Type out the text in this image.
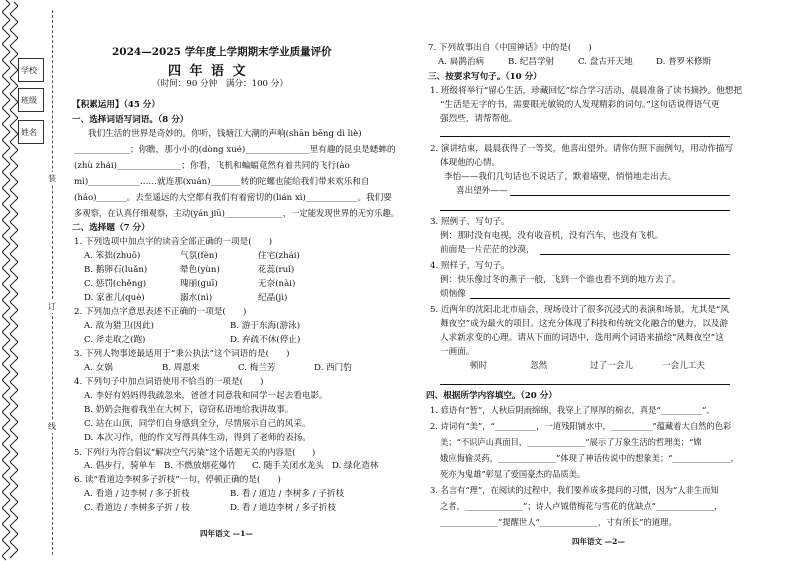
学校
班级
姓名
装
订
线
2024—2025 学年度上学期期末学业质量评价
四 年 语 文
（时间：90 分钟　满分：100 分）
【积累运用】（45 分）
一、选择词语写词语。（8 分）
我们生活的世界是奇妙的。你听，钱塘江大潮的声响(shān bēng dì liè)
_____________；你瞧，那小小的(dòng xué)_______________里有趣的昆虫是蟋蟀的
(zhù zhái)_______________；你看，飞机和蝙蝠竟然有着共同的飞行(ào
mì)____________……就连那(xuán)_______转的陀螺也能给我们带来欢乐和自
(háo)_______。去至遥远的大空都有我们有着密切的(lián xì)____________。我们要
多观察，在认真仔细观察，主动(yán jiū)______________，一定能发现世界的无穷乐趣。
二、选择题（7 分）
1. 下列选项中加点字的读音全部正确的一项是(　　)
A. 笨拙(zhuō)	气氛(fèn)	住宅(zhái)
B. 鹅卵石(luǎn)	晕色(yùn)	花蕊(ruǐ)
C. 惩罚(chěng)	瑰丽(guī)	无奈(nài)
D. 家雀儿(què)	溺水(nì)	纪晶(jì)
2. 下列加点字意思表述不正确的一项是(　　)
A. 敌为猎卫(因此)	B. 游于东海(游泳)
C. 斧走取之(跑)	D. 弃疏不休(停止)
3. 下列人物事迹最适用于“秉公执法”这个词语的是(　　)
A. 女娲	B. 周恩来	C. 梅兰芳	D. 西门豹
4. 下列句子中加点词语使用不恰当的一项是(　　)
A. 李好有妈妈得我疏忽来，爸爸才同意我和同学一起去看电影。
B. 奶奶会拖着我坐在大树下，窃窃私语地给我讲故事。
C. 站在山顶，同学们自身感到全分，尽情展示自己的风采。
D. 本次习作，他的作文写得具体生动，得到了老师的表扬。
5. 下列行为符合倡议“解决空气污染”这个话题无关的内容是(　　)
A. 倡步行，骑单车 B. 不燃放烟花爆竹 C. 随手关闭水龙头 D. 绿化造林
6. 读“看道边李树多子折枝”一句，停顿正确的是(　　)
A. 看道 / 边李树 / 多子折枝	B. 看 / 道边 / 李树多 / 子折枝
C. 看道边 / 李树多子折 / 枝	D. 看 / 道边李树 / 多子折枝
四年语文 —1—
7. 下列故事出自《中国神话》中的是(　　)
A. 扁鹊治病	B. 纪昌学射	C. 盘古开天地	D. 普罗米修斯
三、按要求写句子。（10 分）
1. 班级将举行“留心生活，珍藏回忆”综合学习活动，晨晨准备了读书摘抄。他想把
“生活是无字的书，需要眼光敏锐的人发现精彩的词句。”这句话说得语气更
强烈些，请帮帮他。
2. 演讲结束，晨晨获得了一等奖，他喜出望外。请你仿照下面例句，用动作描写
体现他的心情。
李怡——我们几句话也不说话了，默着墙壁，悄悄地走出去。
喜出望外——
3. 照例子，写句子。
例：那时没有电视，没有收音机，没有汽车，也没有飞机。
前面是一片茫茫的沙漠，
4. 照样子，写句子。
例：快乐像过冬的燕子一般，飞到一个谁也看不到的地方去了。
烦恼像
5. 近两年的沈阳北北市庙会，现场设计了很多沉浸式的表演和场景，尤其是“风
舞夜空”成为最火的项目。这充分体现了科技和传统文化融合的魅力，以及游
人求新求变的心理。请从下面的词语中，选用两个词语来描绘“风舞夜空”这
一画面。
顿时	忽然	过了一会儿	一会儿工夫
四、根据所学内容填空。（20 分）
1. 谚语有“暂”，人秋后阴雨绵绵，我穿上了厚厚的棉衣，真是“__________”。
2. 诗词有“美”，“__________，一道残阳铺水中，__________”蕴藏着大自然的色彩
美；“不识庐山真面目，______________”展示了万象生活的哲理美；“嫦
娥应悔偷灵药，______________”体现了神话传说中的想象美；“______________，
死亦为鬼雄”彰显了爱国豪杰的品质美。
3. 名言有“理”，在阅读的过程中，我们要养成多提问的习惯，因为“人非生而知
之者，______________”；诗人卢钺借梅花与雪花的优缺点“______________，
______________”提醒世人“______________，寸有所长”的道理。
四年语文 —2—
